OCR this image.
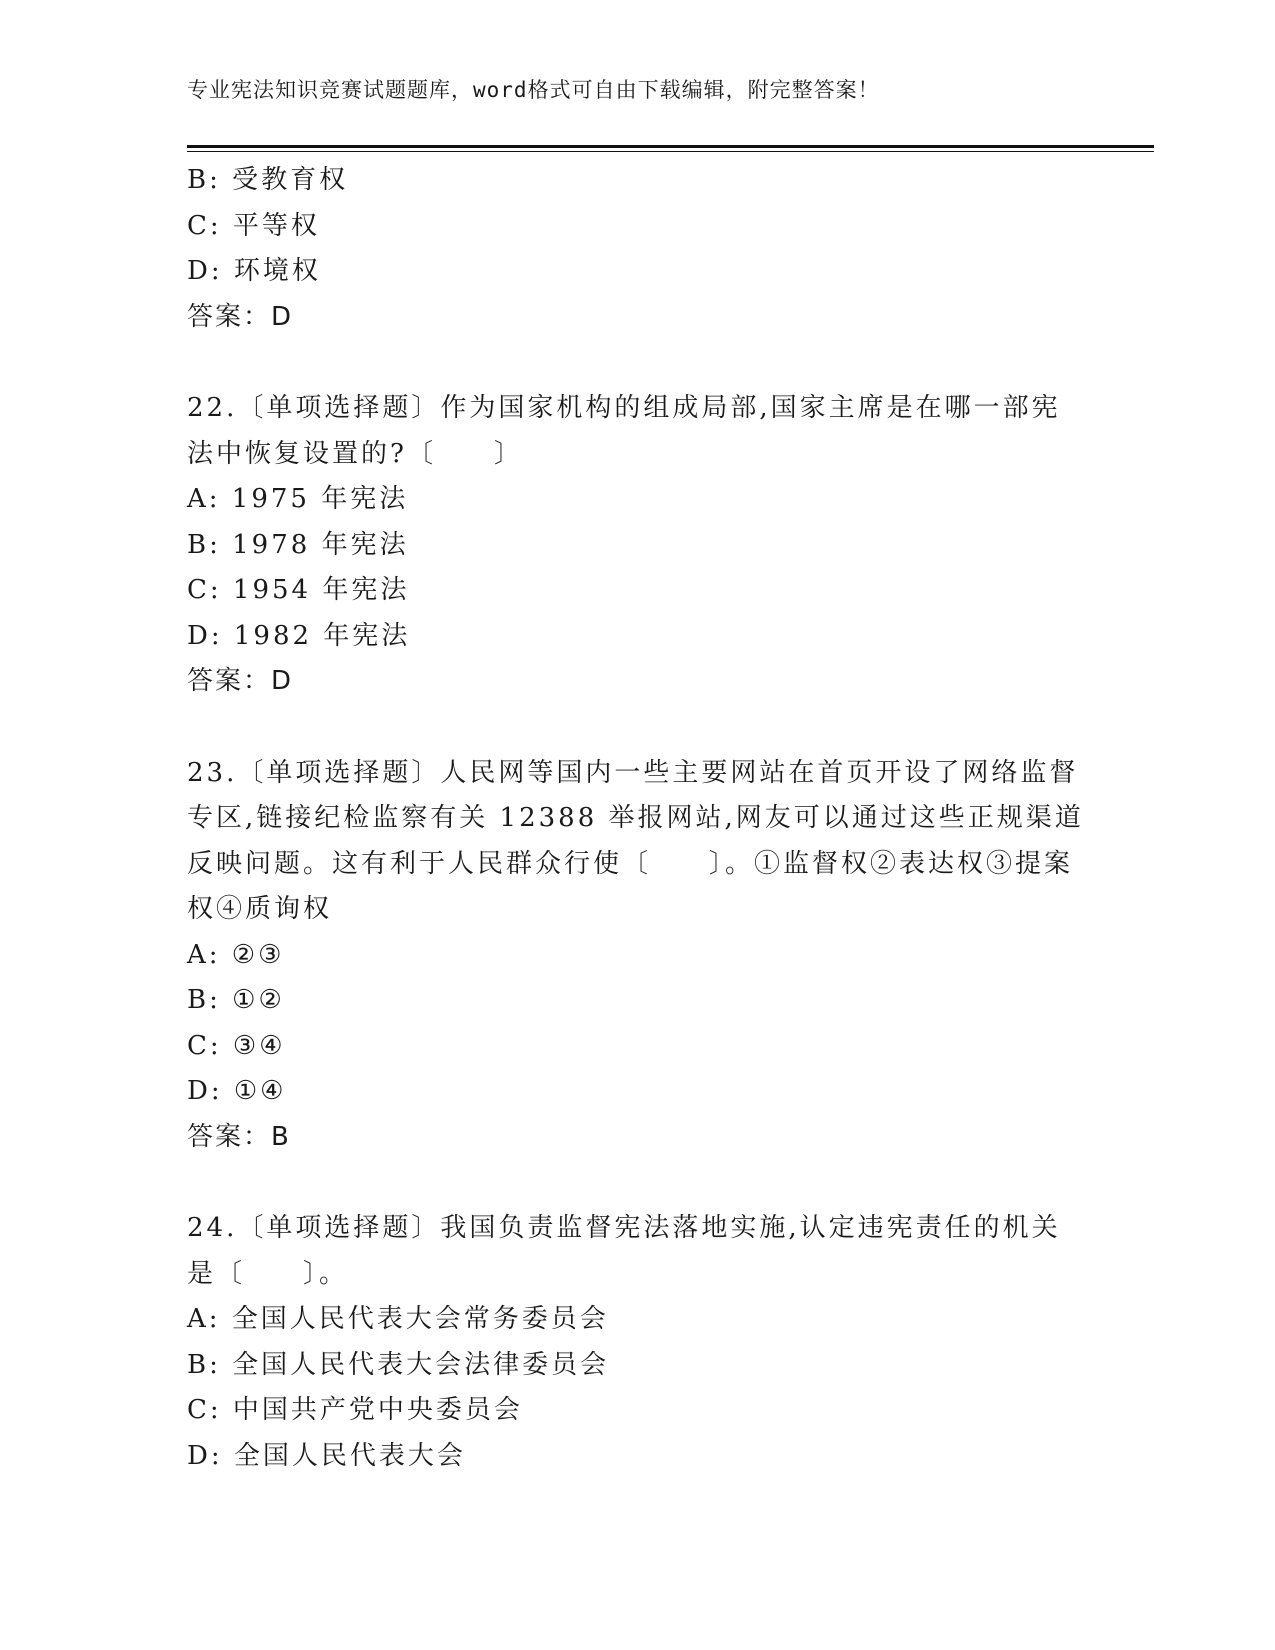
专业宪法知识竞赛试题题库，word格式可自由下载编辑，附完整答案！
B: 受教育权
C: 平等权
D: 环境权
答案：D
22.〔单项选择题〕作为国家机构的组成局部,国家主席是在哪一部宪
法中恢复设置的?〔　　〕
A: 1975 年宪法
B: 1978 年宪法
C: 1954 年宪法
D: 1982 年宪法
答案：D
23.〔单项选择题〕人民网等国内一些主要网站在首页开设了网络监督
专区,链接纪检监察有关 12388 举报网站,网友可以通过这些正规渠道
反映问题。这有利于人民群众行使〔　　〕。①监督权②表达权③提案
权④质询权
A: ②③
B: ①②
C: ③④
D: ①④
答案：B
24.〔单项选择题〕我国负责监督宪法落地实施,认定违宪责任的机关
是〔　　〕。
A: 全国人民代表大会常务委员会
B: 全国人民代表大会法律委员会
C: 中国共产党中央委员会
D: 全国人民代表大会
